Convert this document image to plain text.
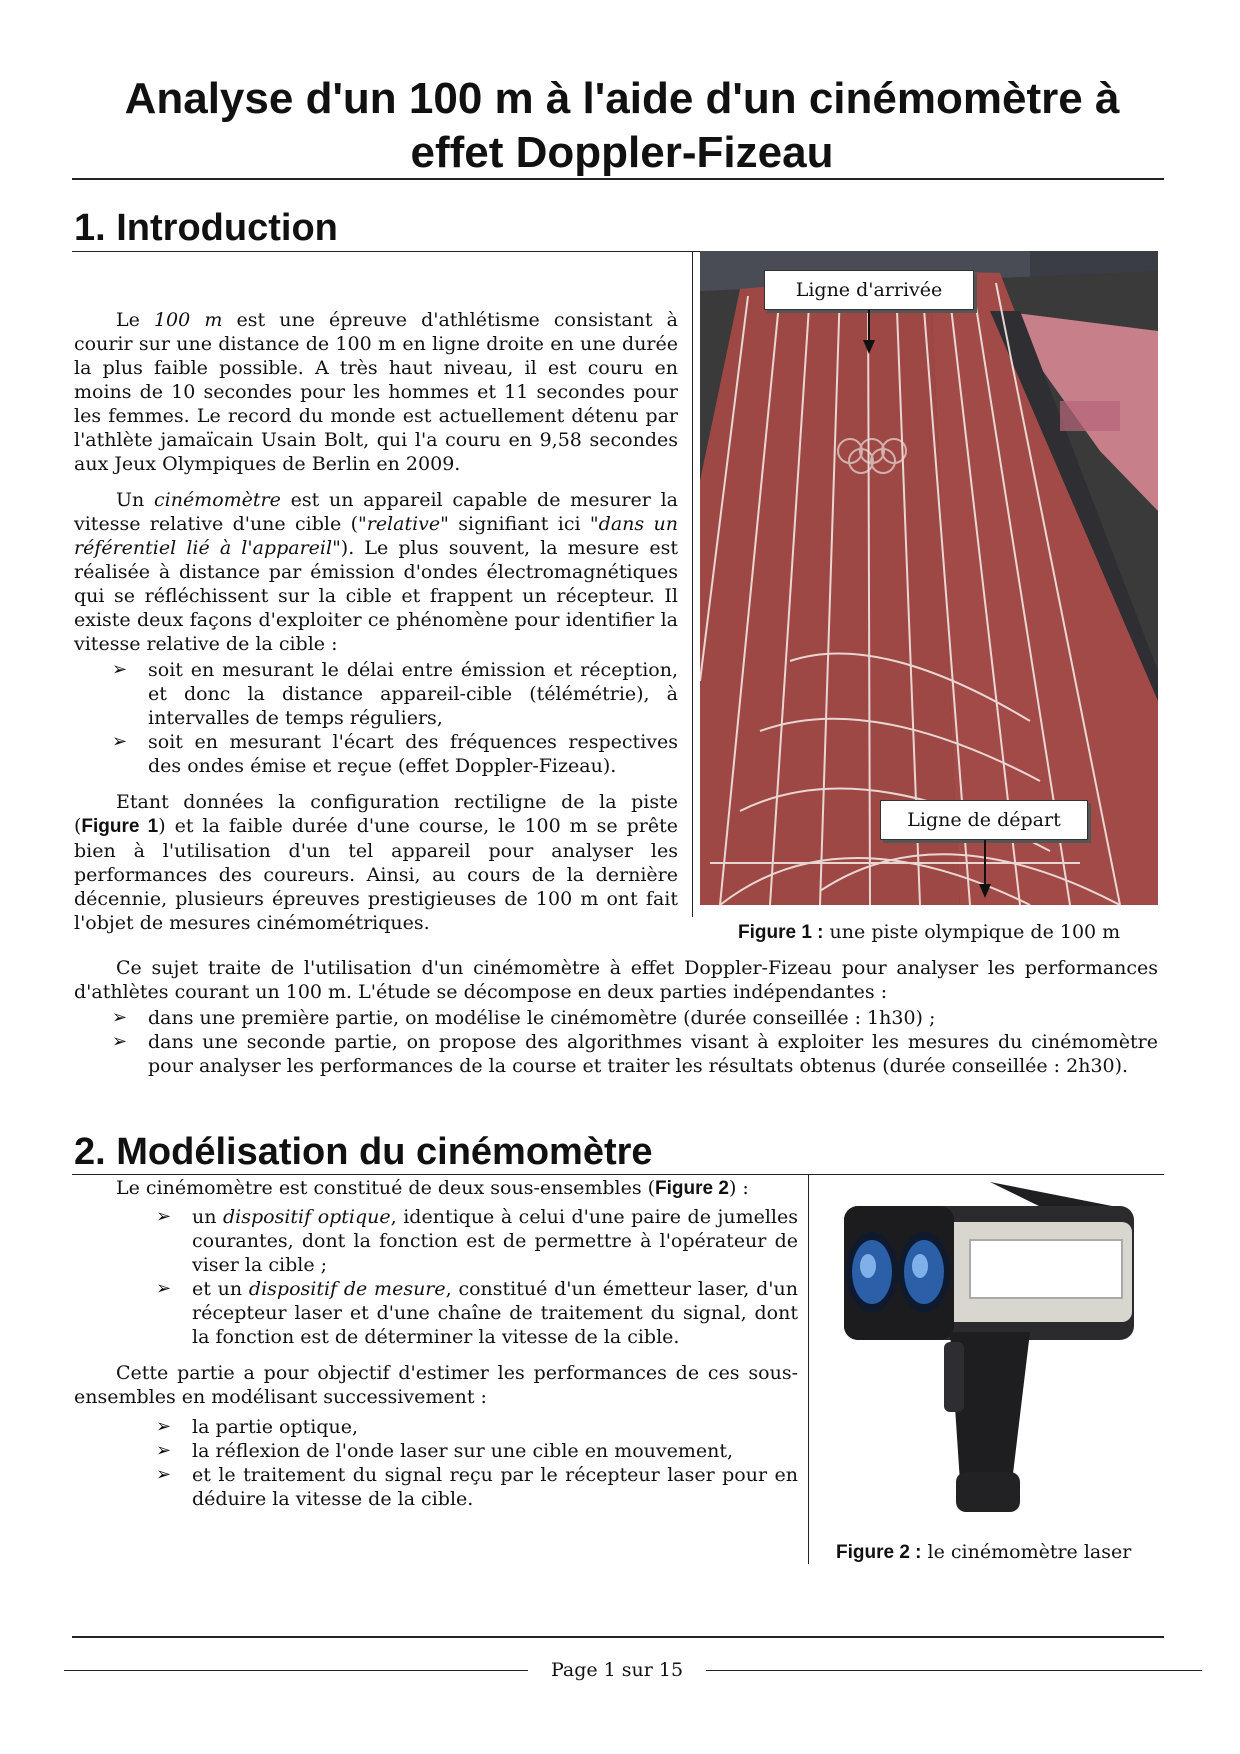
Analyse d'un 100 m à l'aide d'un cinémomètre à
effet Doppler-Fizeau
1. Introduction

Le 100 m est une épreuve d'athlétisme consistant à courir sur une distance de 100 m en ligne droite en une durée la plus faible possible. A très haut niveau, il est couru en moins de 10 secondes pour les hommes et 11 secondes pour les femmes. Le record du monde est actuellement détenu par l'athlète jamaïcain Usain Bolt, qui l'a couru en 9,58 secondes aux Jeux Olympiques de Berlin en 2009.

Un cinémomètre est un appareil capable de mesurer la vitesse relative d'une cible ("relative" signifiant ici "dans un référentiel lié à l'appareil"). Le plus souvent, la mesure est réalisée à distance par émission d'ondes électromagnétiques qui se réfléchissent sur la cible et frappent un récepteur. Il existe deux façons d'exploiter ce phénomène pour identifier la vitesse relative de la cible :

➢ soit en mesurant le délai entre émission et réception, et donc la distance appareil-cible (télémétrie), à intervalles de temps réguliers,
➢ soit en mesurant l'écart des fréquences respectives des ondes émise et reçue (effet Doppler-Fizeau).

Etant données la configuration rectiligne de la piste (Figure 1) et la faible durée d'une course, le 100 m se prête bien à l'utilisation d'un tel appareil pour analyser les performances des coureurs. Ainsi, au cours de la dernière décennie, plusieurs épreuves prestigieuses de 100 m ont fait l'objet de mesures cinémométriques.

Ligne d'arrivée
Ligne de départ
Figure 1 : une piste olympique de 100 m

Ce sujet traite de l'utilisation d'un cinémomètre à effet Doppler-Fizeau pour analyser les performances d'athlètes courant un 100 m. L'étude se décompose en deux parties indépendantes :

➢ dans une première partie, on modélise le cinémomètre (durée conseillée : 1h30) ;
➢ dans une seconde partie, on propose des algorithmes visant à exploiter les mesures du cinémomètre pour analyser les performances de la course et traiter les résultats obtenus (durée conseillée : 2h30).
2. Modélisation du cinémomètre

Le cinémomètre est constitué de deux sous-ensembles (Figure 2) :

➢ un dispositif optique, identique à celui d'une paire de jumelles courantes, dont la fonction est de permettre à l'opérateur de viser la cible ;
➢ et un dispositif de mesure, constitué d'un émetteur laser, d'un récepteur laser et d'une chaîne de traitement du signal, dont la fonction est de déterminer la vitesse de la cible.

Cette partie a pour objectif d'estimer les performances de ces sous-ensembles en modélisant successivement :

➢ la partie optique,
➢ la réflexion de l'onde laser sur une cible en mouvement,
➢ et le traitement du signal reçu par le récepteur laser pour en déduire la vitesse de la cible.
Figure 2 : le cinémomètre laser
Page 1 sur 15
